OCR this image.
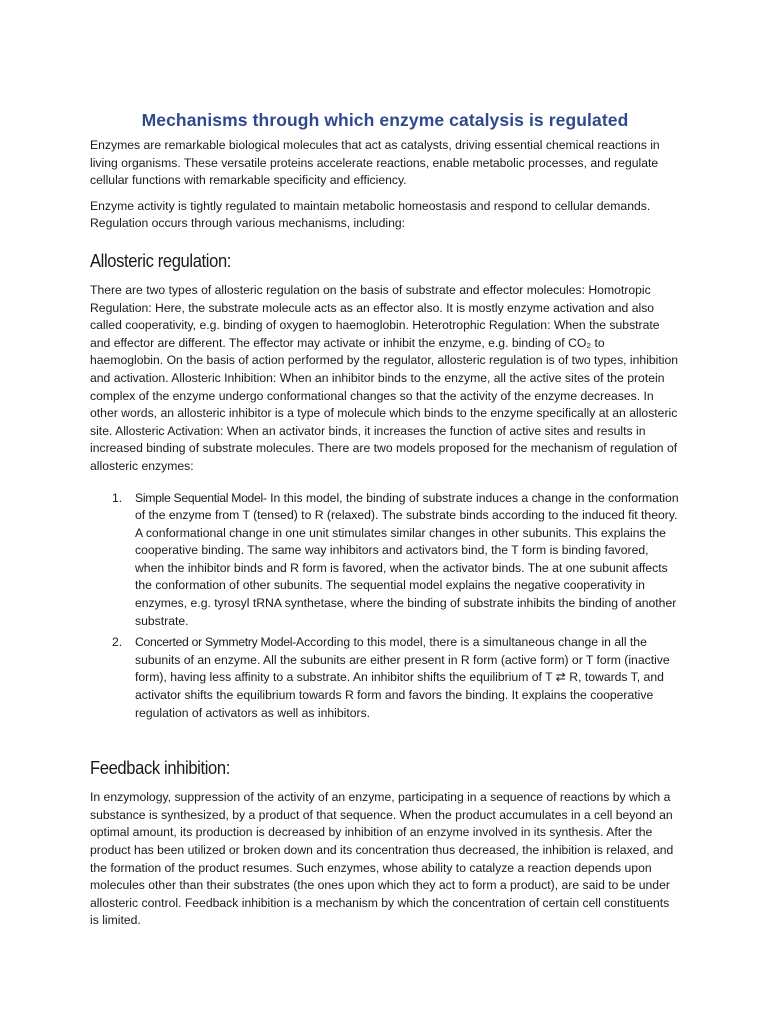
Mechanisms through which enzyme catalysis is regulated

Enzymes are remarkable biological molecules that act as catalysts, driving essential chemical reactions in living organisms. These versatile proteins accelerate reactions, enable metabolic processes, and regulate cellular functions with remarkable specificity and efficiency.

Enzyme activity is tightly regulated to maintain metabolic homeostasis and respond to cellular demands. Regulation occurs through various mechanisms, including:

Allosteric regulation:

There are two types of allosteric regulation on the basis of substrate and effector molecules: Homotropic Regulation: Here, the substrate molecule acts as an effector also. It is mostly enzyme activation and also called cooperativity, e.g. binding of oxygen to haemoglobin. Heterotrophic Regulation: When the substrate and effector are different. The effector may activate or inhibit the enzyme, e.g. binding of CO₂ to haemoglobin. On the basis of action performed by the regulator, allosteric regulation is of two types, inhibition and activation. Allosteric Inhibition: When an inhibitor binds to the enzyme, all the active sites of the protein complex of the enzyme undergo conformational changes so that the activity of the enzyme decreases. In other words, an allosteric inhibitor is a type of molecule which binds to the enzyme specifically at an allosteric site. Allosteric Activation: When an activator binds, it increases the function of active sites and results in increased binding of substrate molecules. There are two models proposed for the mechanism of regulation of allosteric enzymes:

1. Simple Sequential Model- In this model, the binding of substrate induces a change in the conformation of the enzyme from T (tensed) to R (relaxed). The substrate binds according to the induced fit theory. A conformational change in one unit stimulates similar changes in other subunits. This explains the cooperative binding. The same way inhibitors and activators bind, the T form is binding favored, when the inhibitor binds and R form is favored, when the activator binds. The at one subunit affects the conformation of other subunits. The sequential model explains the negative cooperativity in enzymes, e.g. tyrosyl tRNA synthetase, where the binding of substrate inhibits the binding of another substrate.
2. Concerted or Symmetry Model-According to this model, there is a simultaneous change in all the subunits of an enzyme. All the subunits are either present in R form (active form) or T form (inactive form), having less affinity to a substrate. An inhibitor shifts the equilibrium of T ⇄ R, towards T, and activator shifts the equilibrium towards R form and favors the binding. It explains the cooperative regulation of activators as well as inhibitors.
Feedback inhibition:

In enzymology, suppression of the activity of an enzyme, participating in a sequence of reactions by which a substance is synthesized, by a product of that sequence. When the product accumulates in a cell beyond an optimal amount, its production is decreased by inhibition of an enzyme involved in its synthesis. After the product has been utilized or broken down and its concentration thus decreased, the inhibition is relaxed, and the formation of the product resumes. Such enzymes, whose ability to catalyze a reaction depends upon molecules other than their substrates (the ones upon which they act to form a product), are said to be under allosteric control. Feedback inhibition is a mechanism by which the concentration of certain cell constituents is limited.
